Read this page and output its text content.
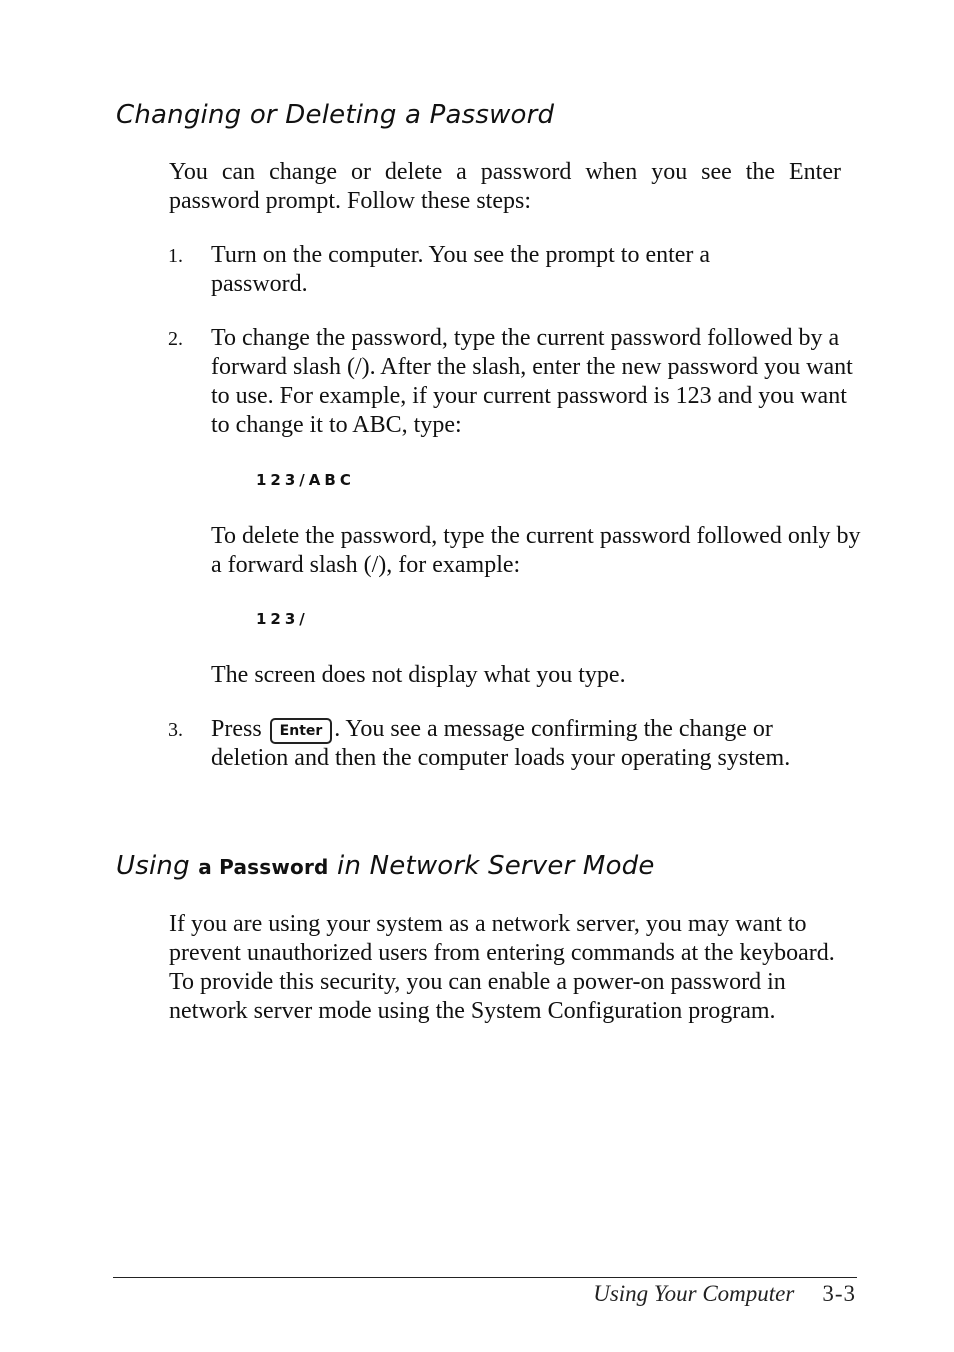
Changing or Deleting a Password

You can change or delete a password when you see the Enter password prompt. Follow these steps:

1. Turn on the computer. You see the prompt to enter a password.

2. To change the password, type the current password followed by a forward slash (/). After the slash, enter the new password you want to use. For example, if your current password is 123 and you want to change it to ABC, type:

123/ABC

To delete the password, type the current password followed only by a forward slash (/), for example:

123/

The screen does not display what you type.

3. Press Enter . You see a message confirming the change or deletion and then the computer loads your operating system.

Using a Password in Network Server Mode

If you are using your system as a network server, you may want to prevent unauthorized users from entering commands at the keyboard. To provide this security, you can enable a power-on password in network server mode using the System Configuration program.

Using Your Computer 3-3
